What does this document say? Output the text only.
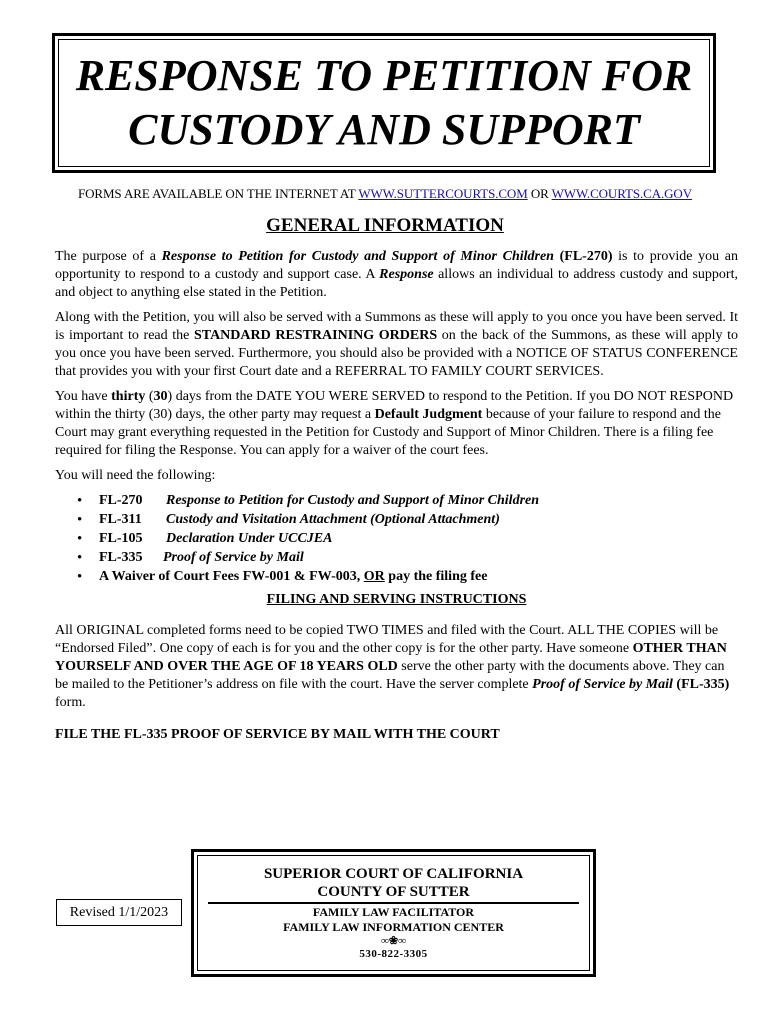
RESPONSE TO PETITION FOR
CUSTODY AND SUPPORT
FORMS ARE AVAILABLE ON THE INTERNET AT WWW.SUTTERCOURTS.COM OR WWW.COURTS.CA.GOV
GENERAL INFORMATION

The purpose of a Response to Petition for Custody and Support of Minor Children (FL-270) is to provide you an opportunity to respond to a custody and support case. A Response allows an individual to address custody and support, and object to anything else stated in the Petition.

Along with the Petition, you will also be served with a Summons as these will apply to you once you have been served. It is important to read the STANDARD RESTRAINING ORDERS on the back of the Summons, as these will apply to you once you have been served. Furthermore, you should also be provided with a NOTICE OF STATUS CONFERENCE that provides you with your first Court date and a REFERRAL TO FAMILY COURT SERVICES.

You have thirty (30) days from the DATE YOU WERE SERVED to respond to the Petition. If you DO NOT RESPOND within the thirty (30) days, the other party may request a Default Judgment because of your failure to respond and the Court may grant everything requested in the Petition for Custody and Support of Minor Children. There is a filing fee required for filing the Response. You can apply for a waiver of the court fees.

You will need the following:

• FL-270 Response to Petition for Custody and Support of Minor Children
• FL-311 Custody and Visitation Attachment (Optional Attachment)
• FL-105 Declaration Under UCCJEA
• FL-335 Proof of Service by Mail
• A Waiver of Court Fees FW-001 & FW-003, OR pay the filing fee

FILING AND SERVING INSTRUCTIONS

All ORIGINAL completed forms need to be copied TWO TIMES and filed with the Court. ALL THE COPIES will be “Endorsed Filed”. One copy of each is for you and the other copy is for the other party. Have someone OTHER THAN YOURSELF AND OVER THE AGE OF 18 YEARS OLD serve the other party with the documents above. They can be mailed to the Petitioner’s address on file with the court. Have the server complete Proof of Service by Mail (FL-335) form.

FILE THE FL-335 PROOF OF SERVICE BY MAIL WITH THE COURT

Revised 1/1/2023
SUPERIOR COURT OF CALIFORNIA
COUNTY OF SUTTER
FAMILY LAW FACILITATOR
FAMILY LAW INFORMATION CENTER
∞❀∞
530-822-3305
